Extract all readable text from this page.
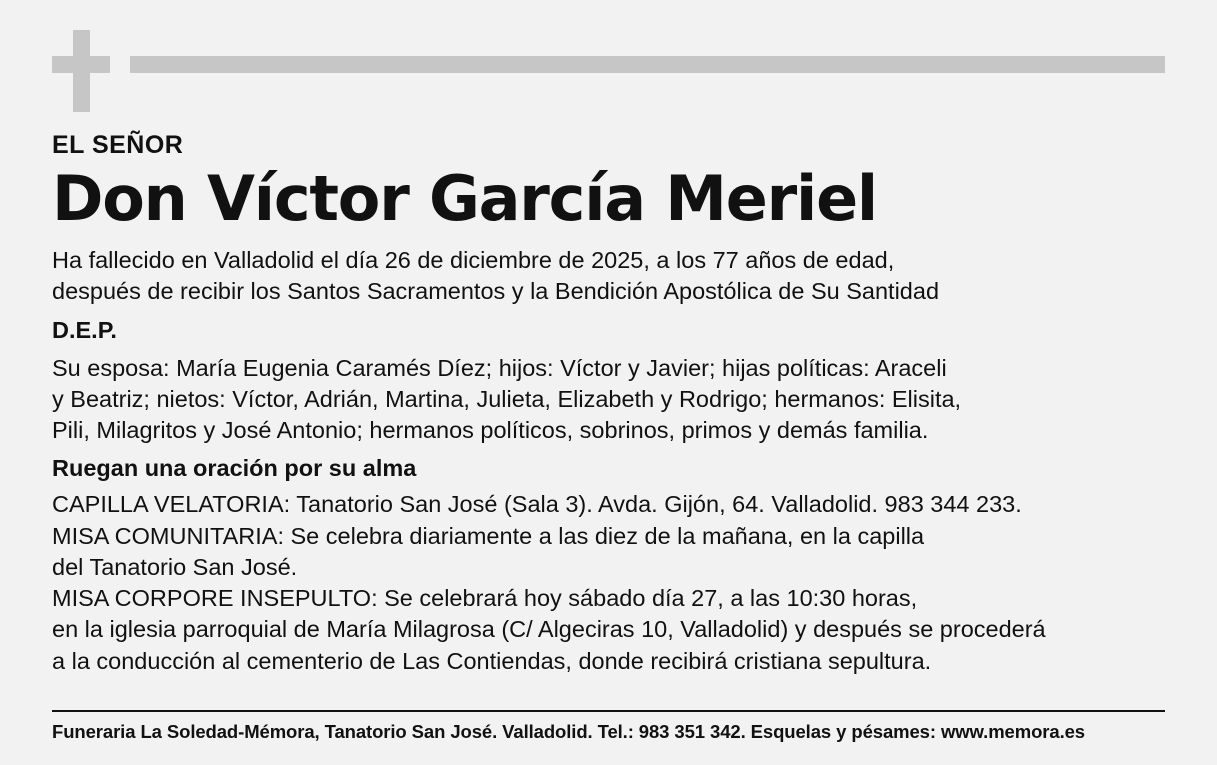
EL SEÑOR
Don Víctor García Meriel
Ha fallecido en Valladolid el día 26 de diciembre de 2025, a los 77 años de edad,
después de recibir los Santos Sacramentos y la Bendición Apostólica de Su Santidad
D.E.P.
Su esposa: María Eugenia Caramés Díez; hijos: Víctor y Javier; hijas políticas: Araceli
y Beatriz; nietos: Víctor, Adrián, Martina, Julieta, Elizabeth y Rodrigo; hermanos: Elisita,
Pili, Milagritos y José Antonio; hermanos políticos, sobrinos, primos y demás familia.
Ruegan una oración por su alma
CAPILLA VELATORIA: Tanatorio San José (Sala 3). Avda. Gijón, 64. Valladolid. 983 344 233.
MISA COMUNITARIA: Se celebra diariamente a las diez de la mañana, en la capilla
del Tanatorio San José.
MISA CORPORE INSEPULTO: Se celebrará hoy sábado día 27, a las 10:30 horas,
en la iglesia parroquial de María Milagrosa (C/ Algeciras 10, Valladolid) y después se procederá
a la conducción al cementerio de Las Contiendas, donde recibirá cristiana sepultura.
Funeraria La Soledad-Mémora, Tanatorio San José. Valladolid. Tel.: 983 351 342. Esquelas y pésames: www.memora.es
